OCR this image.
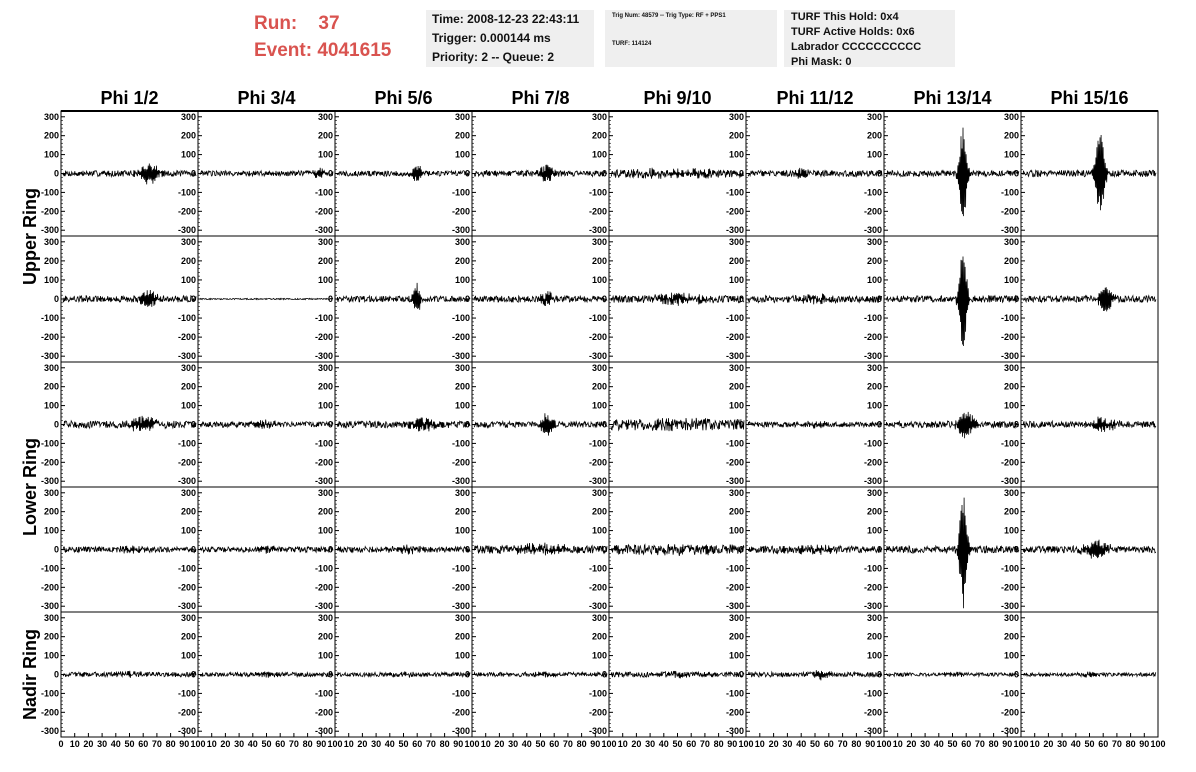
Run: 37
Event: 4041615
Time: 2008-12-23 22:43:11
Trigger: 0.000144 ms
Priority: 2 -- Queue: 2
Trig Num: 48579 -- Trig Type: RF + PPS1
TURF: 114124
TURF This Hold: 0x4
TURF Active Holds: 0x6
Labrador CCCCCCCCCC
Phi Mask: 0
Phi 1/2	Phi 3/4	Phi 5/6	Phi 7/8	Phi 9/10	Phi 11/12	Phi 13/14	Phi 15/16
Upper Ring
Lower Ring
Nadir Ring
300
200
100
0
-100
-200
-300
300
200
100
0
-100
-200
-300
300
200
100
0
-100
-200
-300
300
200
100
0
-100
-200
-300
300
200
100
0
-100
-200
-300
300
200
100
0
-100
-200
-300
300
200
100
0
-100
-200
-300
300
200
100
0
-100
-200
-300
300
200
100
0
-100
-200
-300
300
200
100
0
-100
-200
-300
300
200
100
0
-100
-200
-300
300
200
100
0
-100
-200
-300
300
200
100
0
-100
-200
-300
300
200
100
0
-100
-200
-300
300
200
100
0
-100
-200
-300
300
200
100
0
-100
-200
-300
300
200
100
0
-100
-200
-300
300
200
100
0
-100
-200
-300
300
200
100
0
-100
-200
-300
300
200
100
0
-100
-200
-300
300
200
100
0
-100
-200
-300
300
200
100
0
-100
-200
-300
300
200
100
0
-100
-200
-300
300
200
100
0
-100
-200
-300
300
200
100
0
-100
-200
-300
300
200
100
0
-100
-200
-300
300
200
100
0
-100
-200
-300
300
200
100
0
-100
-200
-300
300
200
100
0
-100
-200
-300
300
200
100
0
-100
-200
-300
300
200
100
0
-100
-200
-300
300
200
100
0
-100
-200
-300
300
200
100
0
-100
-200
-300
300
200
100
0
-100
-200
-300
300
200
100
0
-100
-200
-300
300
200
100
0
-100
-200
-300
300
200
100
0
-100
-200
-300
300
200
100
0
-100
-200
-300
300
200
100
0
-100
-200
-300
300
200
100
0
-100
-200
-300
0 10 20 30 40 50 60 70 80 90 100 10 20 30 40 50 60 70 80 90 100 10 20 30 40 50 60 70 80 90 100 10 20 30 40 50 60 70 80 90 100 10 20 30 40 50 60 70 80 90 100 10 20 30 40 50 60 70 80 90 100 10 20 30 40 50 60 70 80 90 100 10 20 30 40 50 60 70 80 90 100
